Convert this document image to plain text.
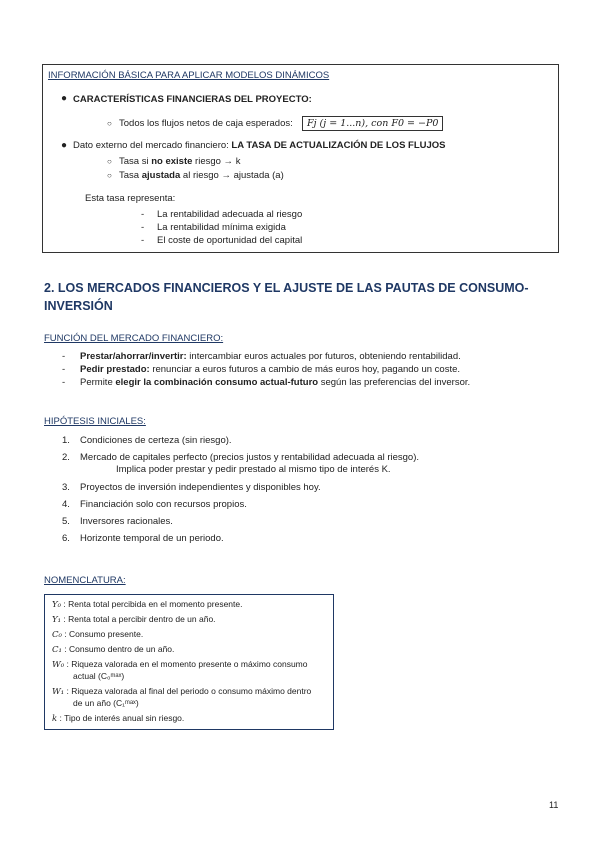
INFORMACIÓN BÁSICA PARA APLICAR MODELOS DINÁMICOS
● CARACTERÍSTICAS FINANCIERAS DEL PROYECTO:
○ Todos los flujos netos de caja esperados:	Fj (j = 1...n), con F0 = −P0
● Dato externo del mercado financiero: LA TASA DE ACTUALIZACIÓN DE LOS FLUJOS
○ Tasa si no existe riesgo → k
○ Tasa ajustada al riesgo → ajustada (a)
Esta tasa representa:
- La rentabilidad adecuada al riesgo
- La rentabilidad mínima exigida
- El coste de oportunidad del capital
2. LOS MERCADOS FINANCIEROS Y EL AJUSTE DE LAS PAUTAS DE CONSUMO-INVERSIÓN
FUNCIÓN DEL MERCADO FINANCIERO:
- Prestar/ahorrar/invertir: intercambiar euros actuales por futuros, obteniendo rentabilidad.
- Pedir prestado: renunciar a euros futuros a cambio de más euros hoy, pagando un coste.
- Permite elegir la combinación consumo actual-futuro según las preferencias del inversor.
HIPÓTESIS INICIALES:
1. Condiciones de certeza (sin riesgo).
2. Mercado de capitales perfecto (precios justos y rentabilidad adecuada al riesgo).
Implica poder prestar y pedir prestado al mismo tipo de interés K.
3. Proyectos de inversión independientes y disponibles hoy.
4. Financiación solo con recursos propios.
5. Inversores racionales.
6. Horizonte temporal de un periodo.
NOMENCLATURA:
Y₀ : Renta total percibida en el momento presente.
Y₁ : Renta total a percibir dentro de un año.
C₀ : Consumo presente.
C₁ : Consumo dentro de un año.
W₀ : Riqueza valorada en el momento presente o máximo consumo
actual (C₀ᵐᵃˣ)
W₁ : Riqueza valorada al final del periodo o consumo máximo dentro
de un año (C₁ᵐᵃˣ)
k : Tipo de interés anual sin riesgo.
11
